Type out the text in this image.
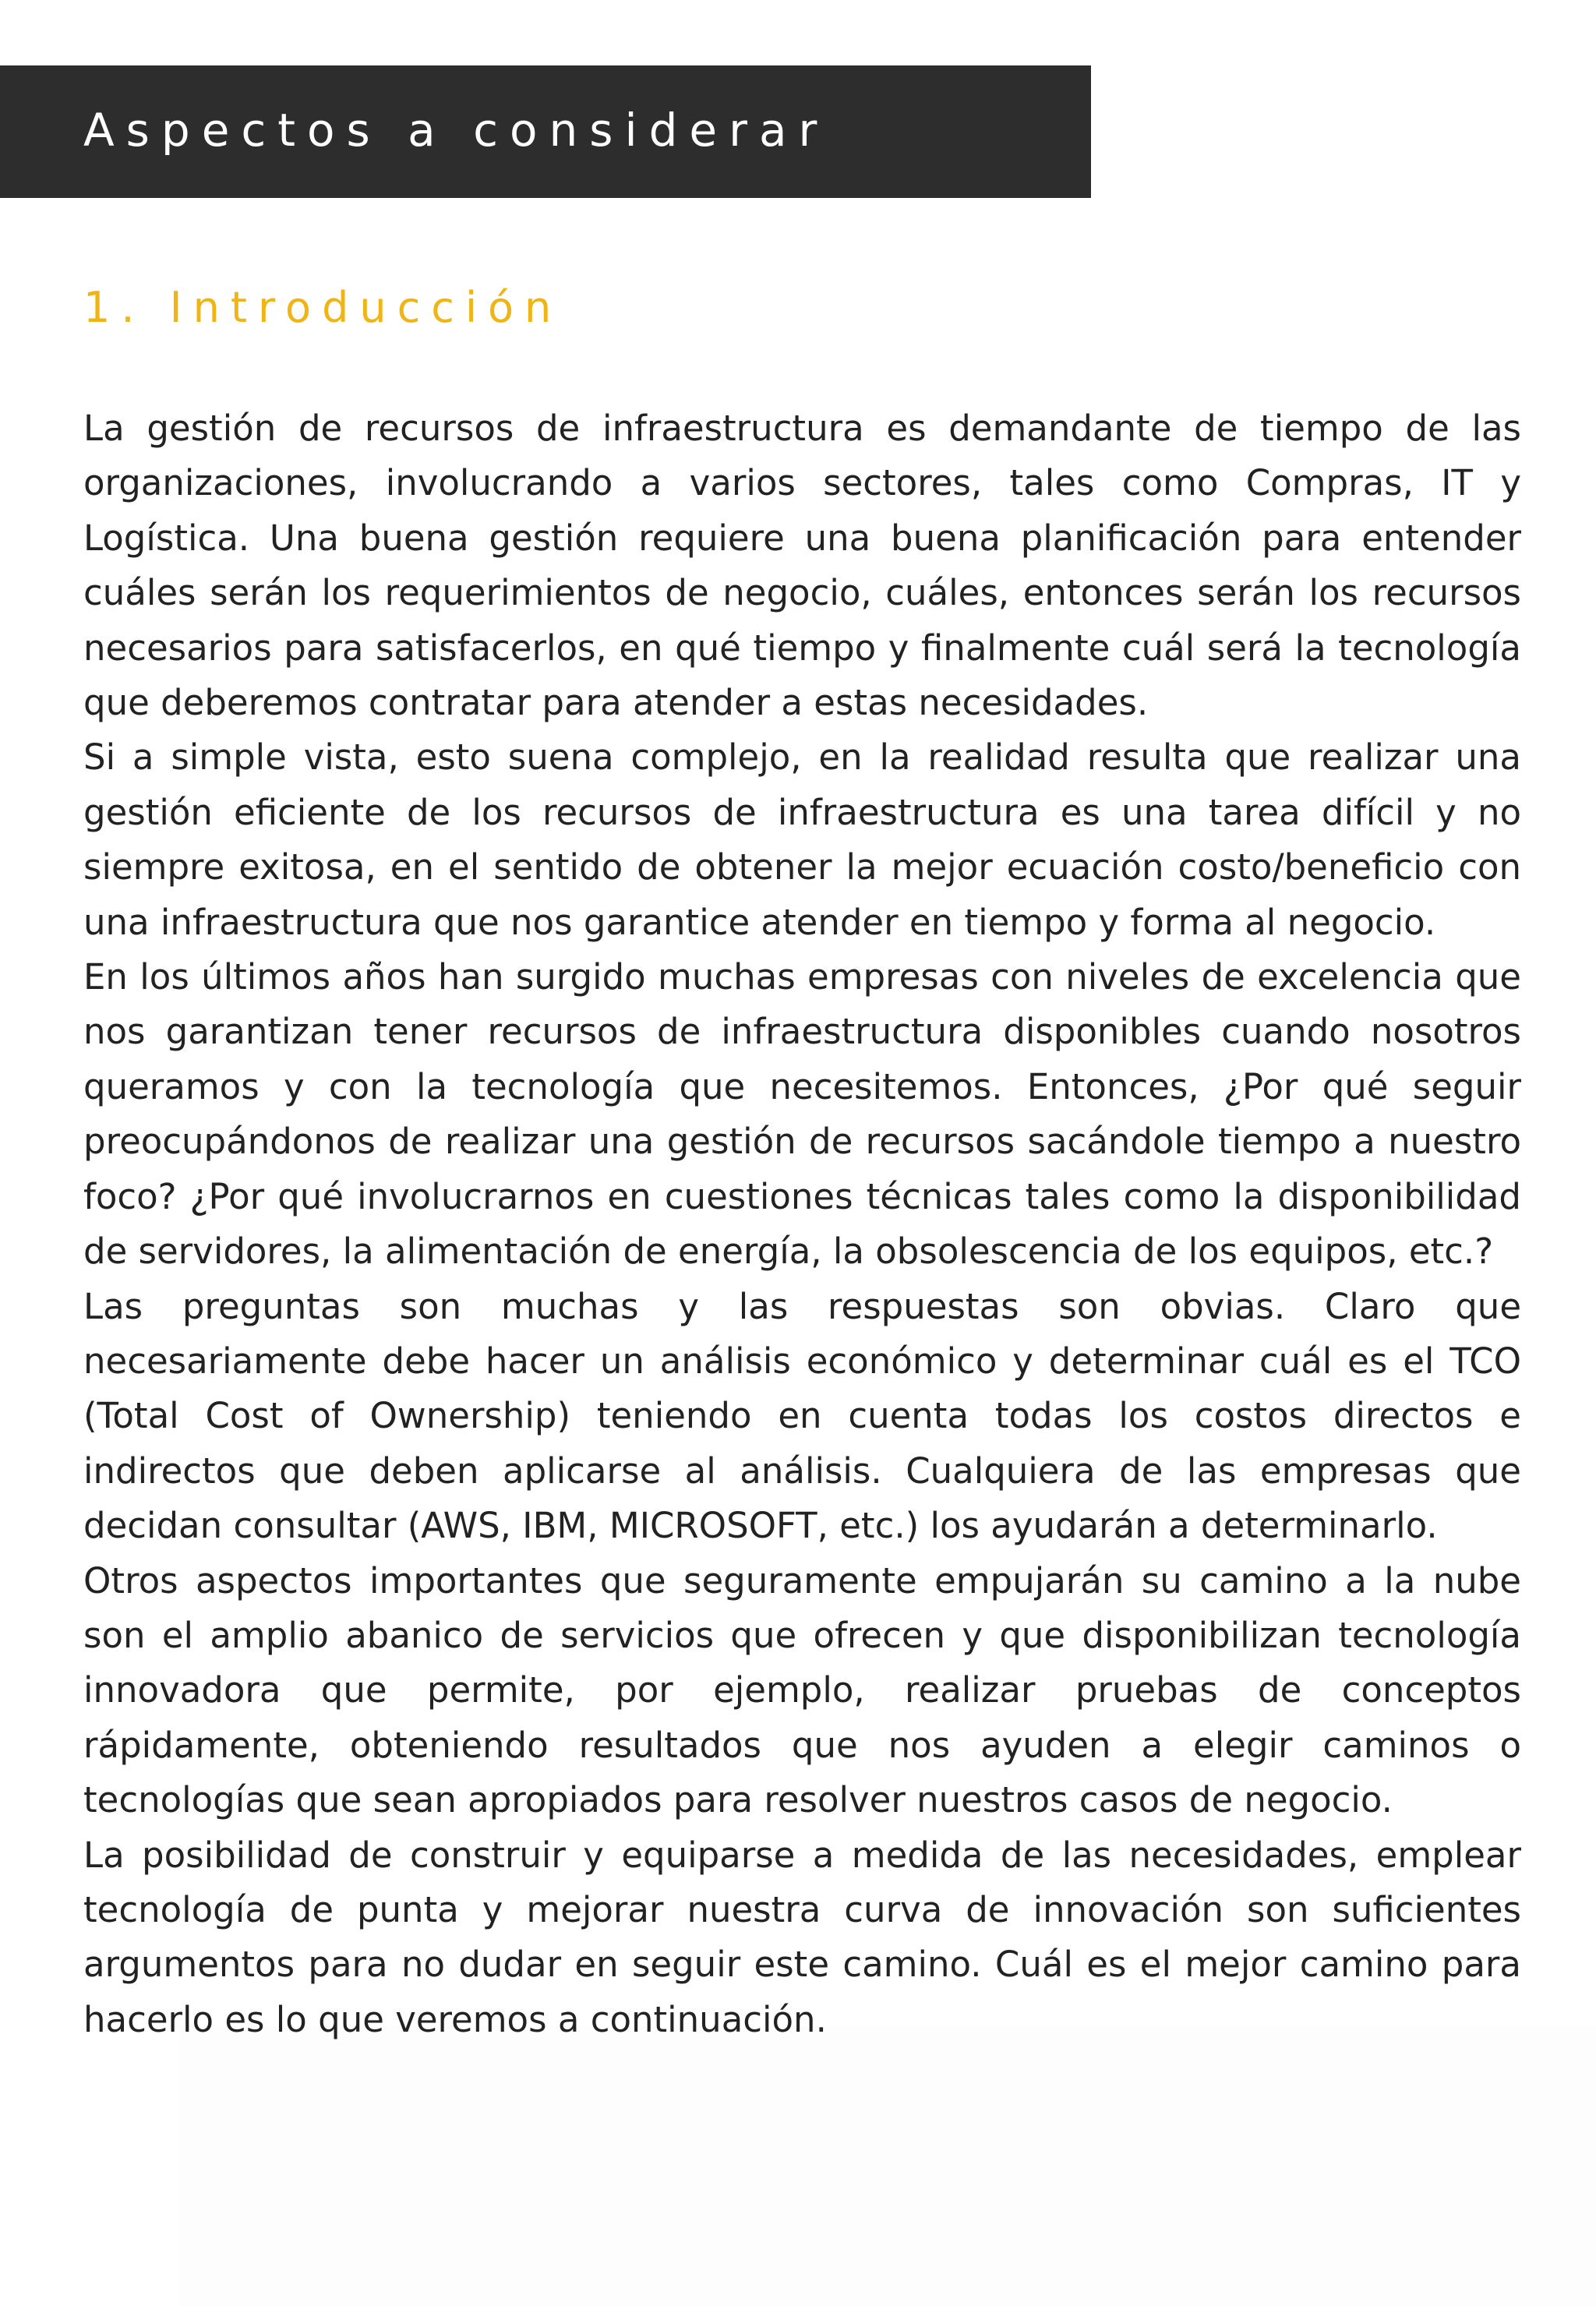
Aspectos a considerar
1. Introducción

La gestión de recursos de infraestructura es demandante de tiempo de las organizaciones, involucrando a varios sectores, tales como Compras, IT y Logística. Una buena gestión requiere una buena planificación para entender cuáles serán los requerimientos de negocio, cuáles, entonces serán los recursos necesarios para satisfacerlos, en qué tiempo y finalmente cuál será la tecnología que deberemos contratar para atender a estas necesidades.

Si a simple vista, esto suena complejo, en la realidad resulta que realizar una gestión eficiente de los recursos de infraestructura es una tarea difícil y no siempre exitosa, en el sentido de obtener la mejor ecuación costo/beneficio con una infraestructura que nos garantice atender en tiempo y forma al negocio.

En los últimos años han surgido muchas empresas con niveles de excelencia que nos garantizan tener recursos de infraestructura disponibles cuando nosotros queramos y con la tecnología que necesitemos. Entonces, ¿Por qué seguir preocupándonos de realizar una gestión de recursos sacándole tiempo a nuestro foco? ¿Por qué involucrarnos en cuestiones técnicas tales como la disponibilidad de servidores, la alimentación de energía, la obsolescencia de los equipos, etc.?

Las preguntas son muchas y las respuestas son obvias. Claro que necesariamente debe hacer un análisis económico y determinar cuál es el TCO (Total Cost of Ownership) teniendo en cuenta todas los costos directos e indirectos que deben aplicarse al análisis. Cualquiera de las empresas que decidan consultar (AWS, IBM, MICROSOFT, etc.) los ayudarán a determinarlo.

Otros aspectos importantes que seguramente empujarán su camino a la nube son el amplio abanico de servicios que ofrecen y que disponibilizan tecnología innovadora que permite, por ejemplo, realizar pruebas de conceptos rápidamente, obteniendo resultados que nos ayuden a elegir caminos o tecnologías que sean apropiados para resolver nuestros casos de negocio.

La posibilidad de construir y equiparse a medida de las necesidades, emplear tecnología de punta y mejorar nuestra curva de innovación son suficientes argumentos para no dudar en seguir este camino. Cuál es el mejor camino para hacerlo es lo que veremos a continuación.
